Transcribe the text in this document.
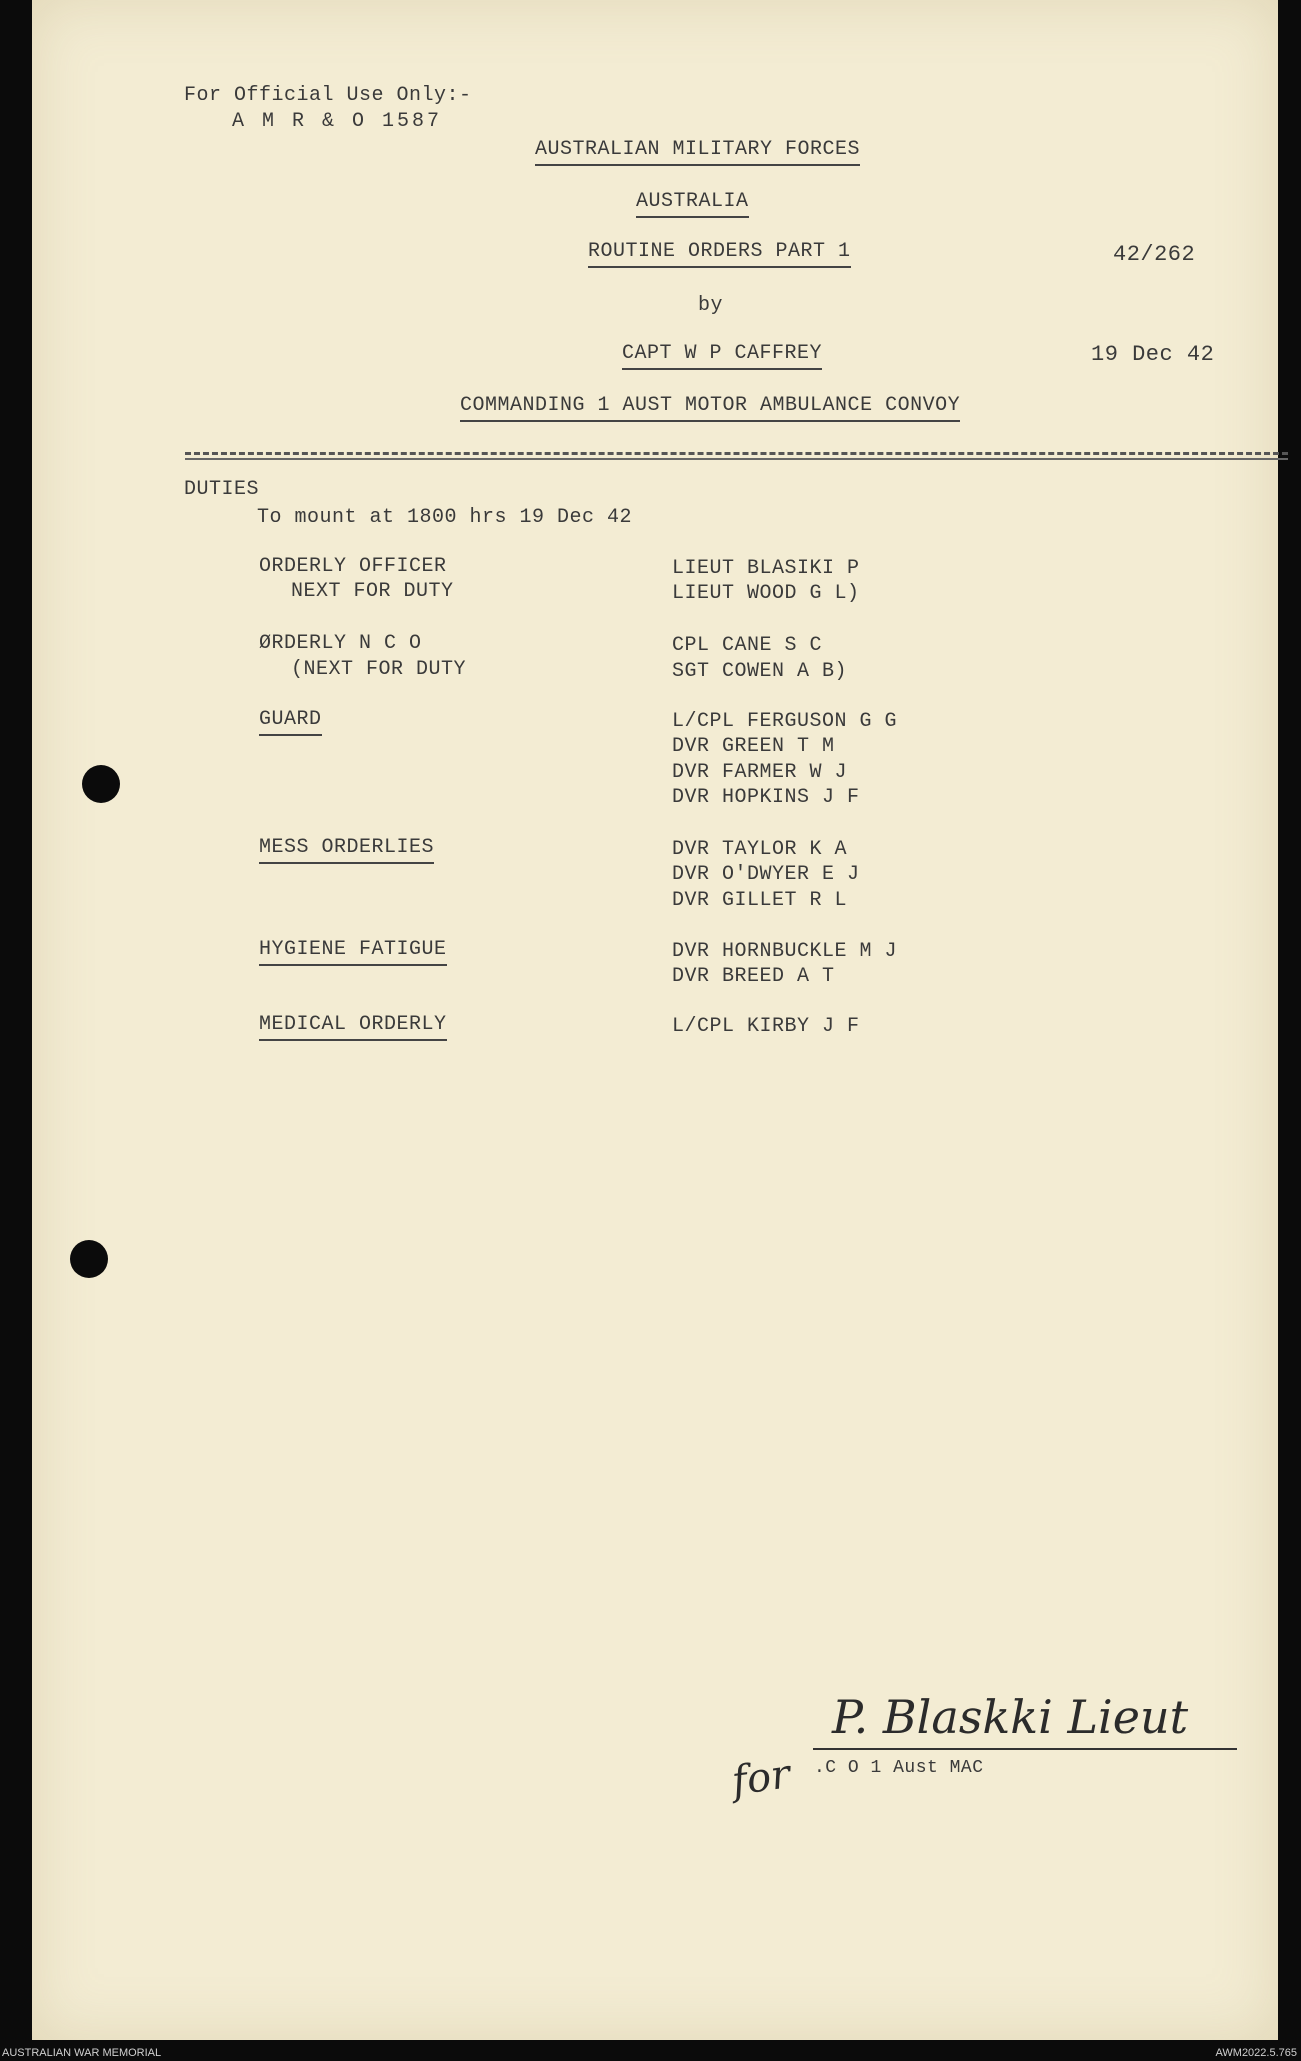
For Official Use Only:-
A M R & O 1587
AUSTRALIAN MILITARY FORCES
AUSTRALIA
ROUTINE ORDERS PART 1	42/262
by
CAPT W P CAFFREY	19 Dec 42
COMMANDING 1 AUST MOTOR AMBULANCE CONVOY
DUTIES
To mount at 1800 hrs 19 Dec 42
ORDERLY OFFICER	LIEUT BLASIKI P
NEXT FOR DUTY	LIEUT WOOD G L)
ØRDERLY N C O	CPL CANE S C
(NEXT FOR DUTY	SGT COWEN A B)
GUARD	L/CPL FERGUSON G G
DVR GREEN T M
DVR FARMER W J
DVR HOPKINS J F
MESS ORDERLIES	DVR TAYLOR K A
DVR O'DWYER E J
DVR GILLET R L
HYGIENE FATIGUE	DVR HORNBUCKLE M J
DVR BREED A T
MEDICAL ORDERLY	L/CPL KIRBY J F
for
P. Blaskki Lieut
.C O 1 Aust MAC
AUSTRALIAN WAR MEMORIAL	AWM2022.5.765
